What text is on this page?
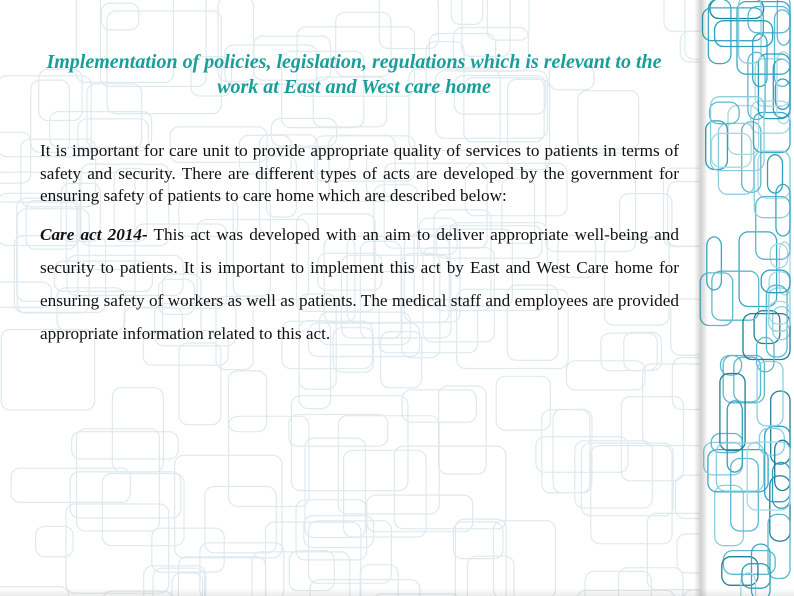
Implementation of policies, legislation, regulations which is relevant to the work at East and West care home

It is important for care unit to provide appropriate quality of services to patients in terms of safety and security. There are different types of acts are developed by the government for ensuring safety of patients to care home which are described below:

Care act 2014- This act was developed with an aim to deliver appropriate well-being and security to patients. It is important to implement this act by East and West Care home for ensuring safety of workers as well as patients. The medical staff and employees are provided appropriate information related to this act.
